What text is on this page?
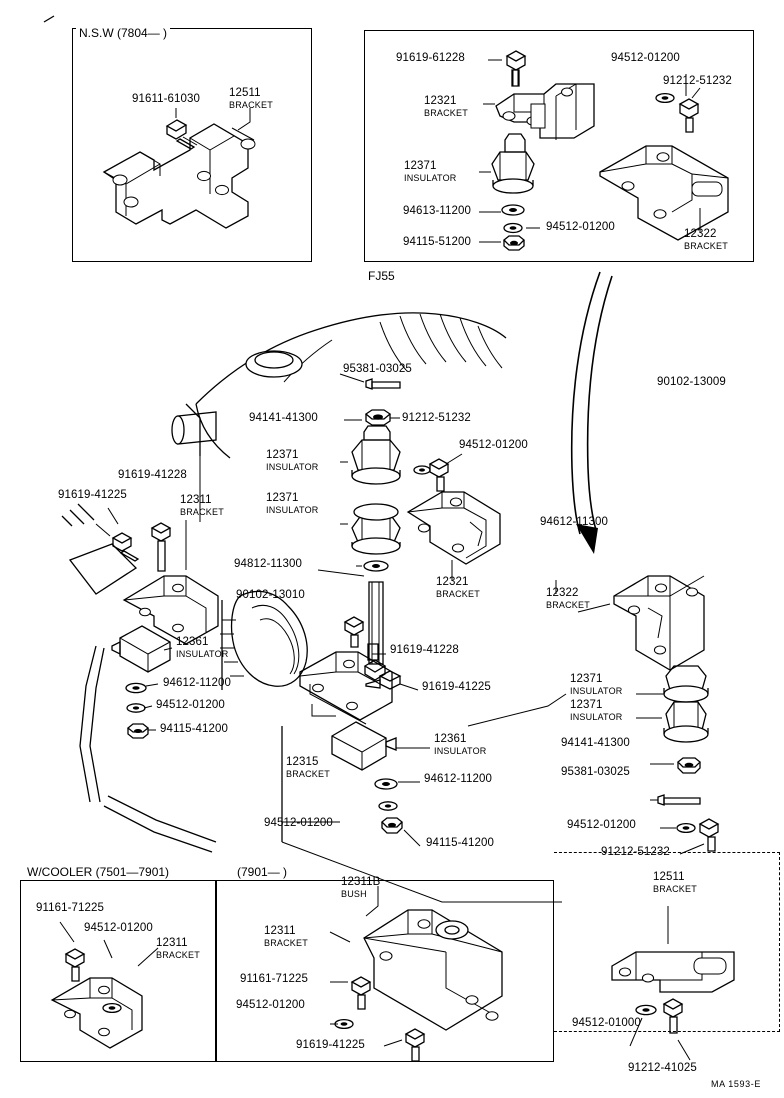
N.S.W (7804— )
FJ55
W/COOLER (7501—7901)	(7901— )
91611-61030	12511
BRACKET
91619-61228	94512-01200
91212-51232
12321
BRACKET
12371
INSULATOR
94613-11200
94512-01200
94115-51200
12322
BRACKET
95381-03025
90102-13009
94141-41300	91212-51232
94512-01200
12371
INSULATOR
12371
INSULATOR
94812-11300
90102-13010
12321
BRACKET
94612-11300
12322
BRACKET
91619-41228
91619-41225	12311
BRACKET
12361
INSULATOR
94612-11200
94512-01200
94115-41200
91619-41228
91619-41225
12315
BRACKET
12361
INSULATOR
94612-11200
94512-01200
94115-41200
12371
INSULATOR
12371
INSULATOR
94141-41300
95381-03025
94512-01200
91212-51232
91161-71225
94512-01200
12311
BRACKET
12311B
BUSH
12311
BRACKET
91161-71225
94512-01200
91619-41225
12511
BRACKET
94512-01000
91212-41025
MA 1593-E
